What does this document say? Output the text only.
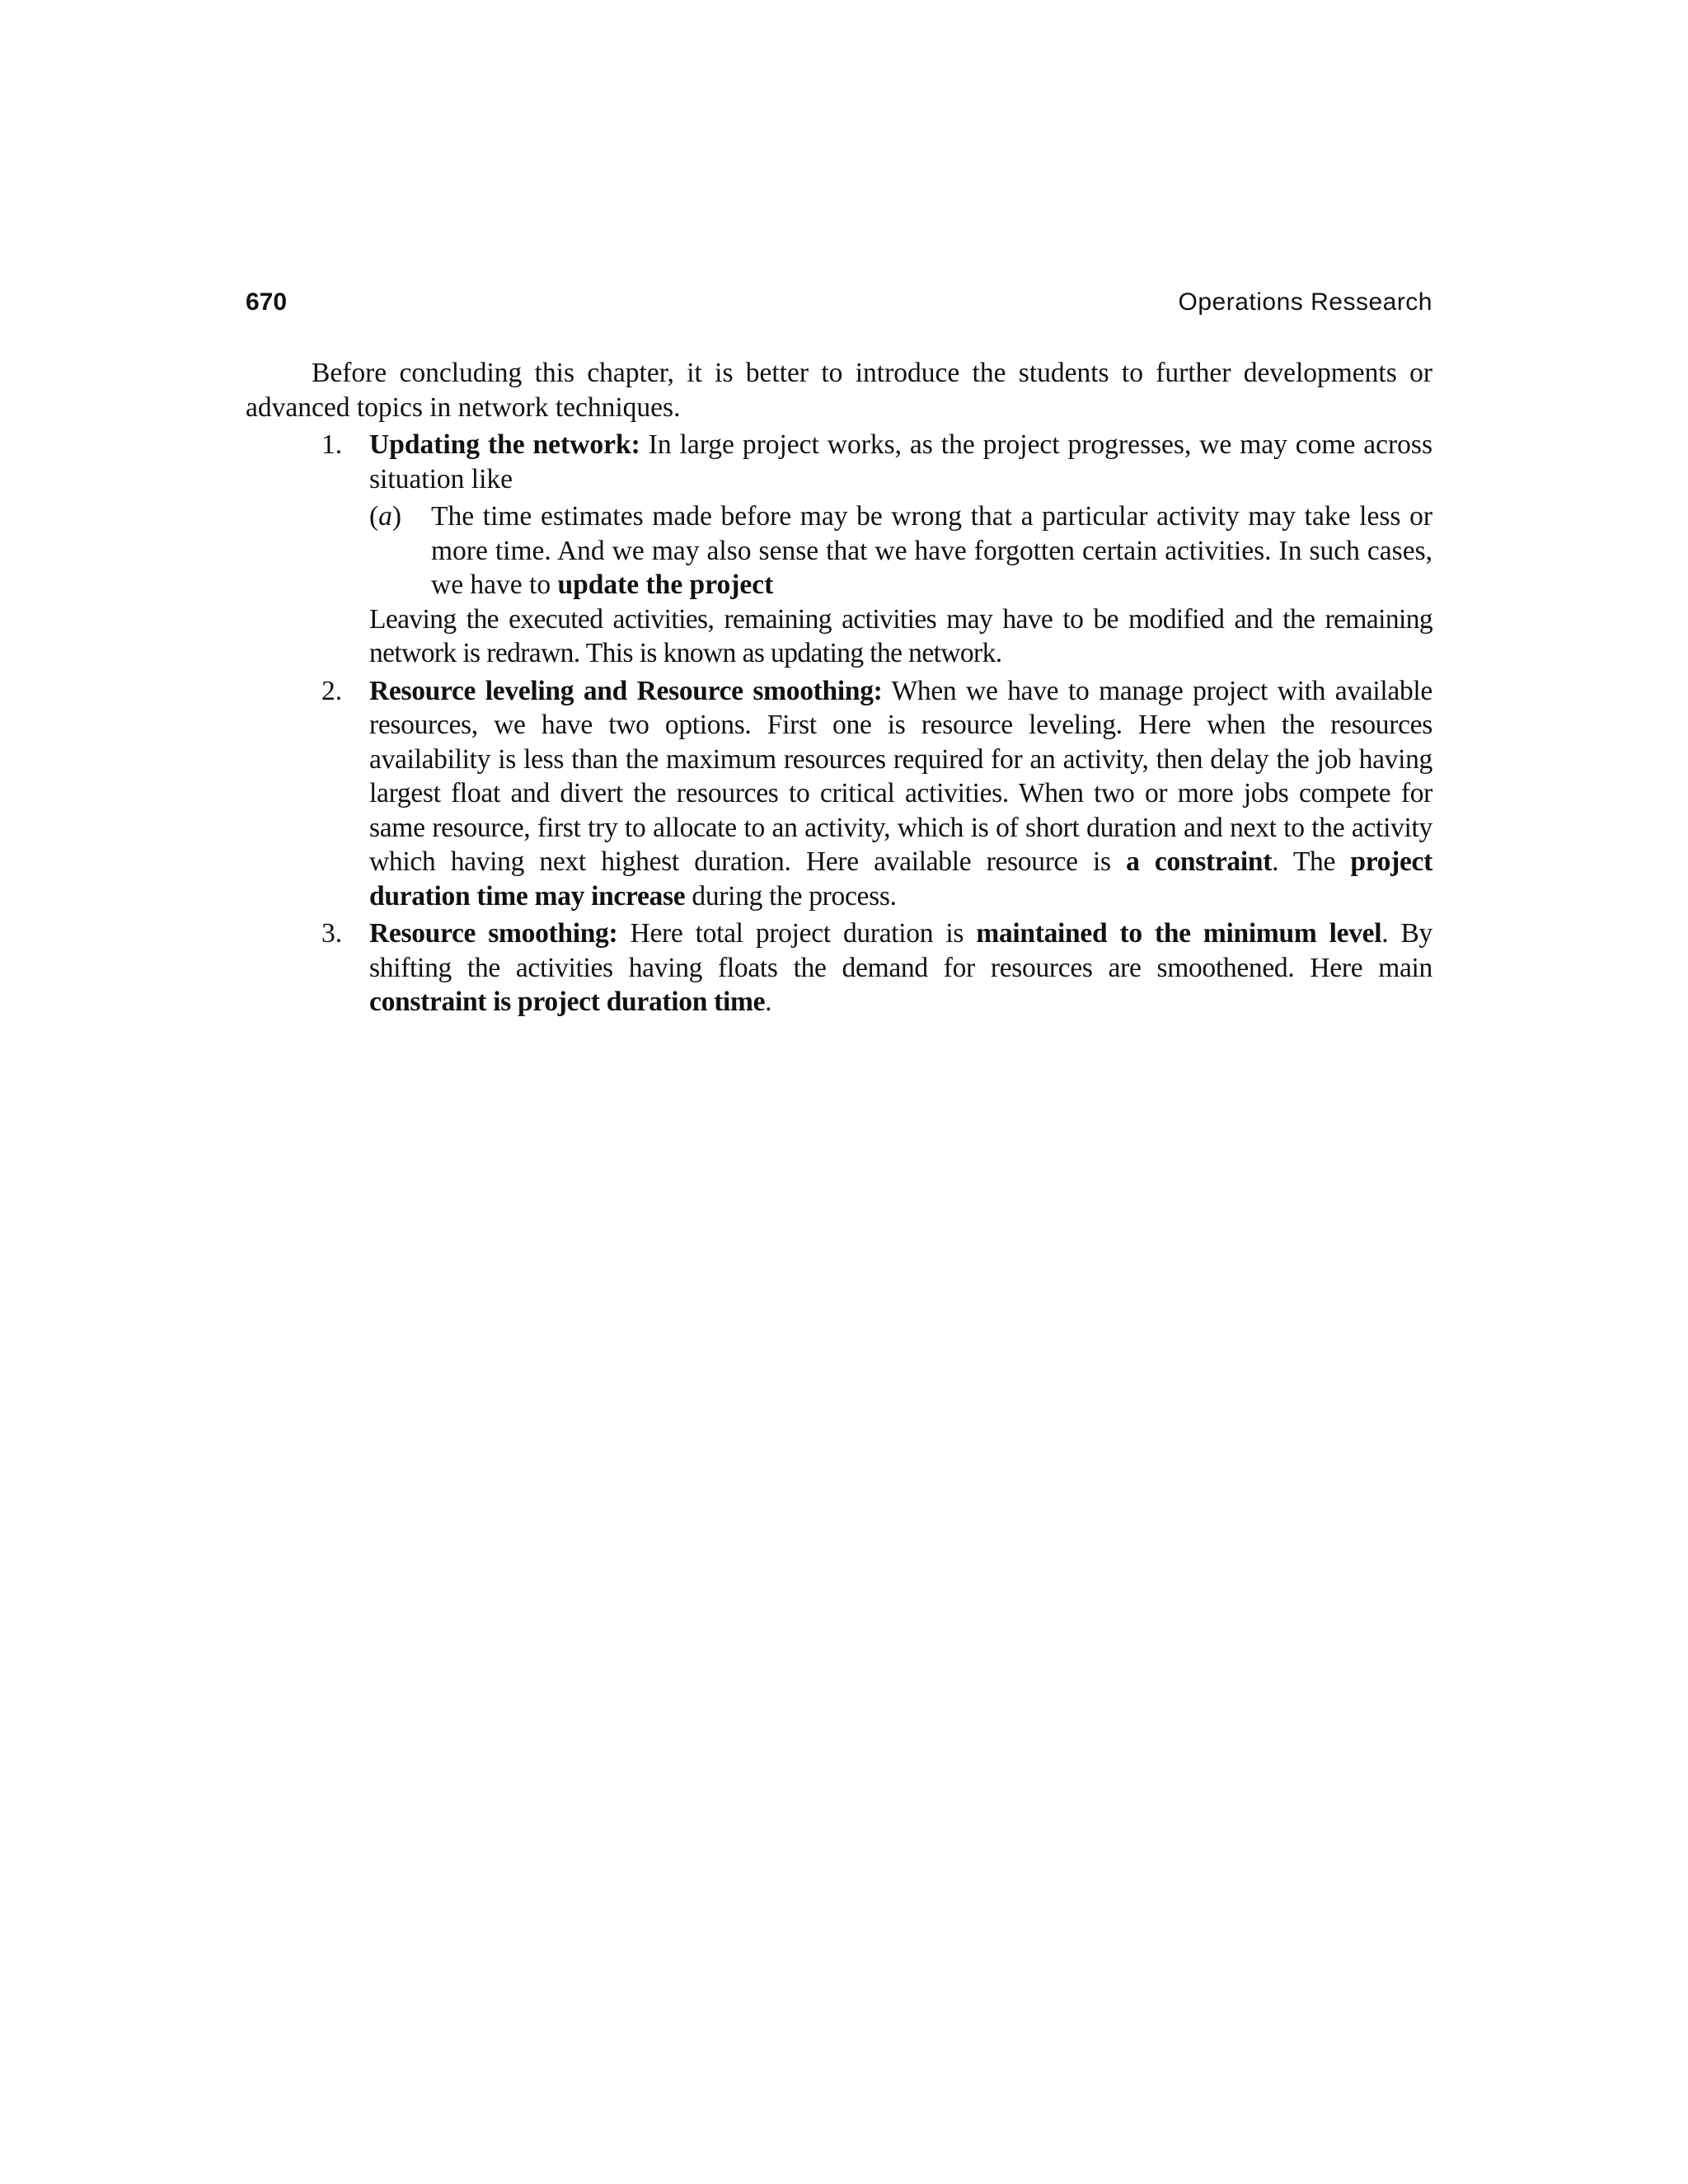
670	Operations Ressearch

Before concluding this chapter, it is better to introduce the students to further developments or advanced topics in network techniques.

1. Updating the network: In large project works, as the project progresses, we may come across situation like

(a) The time estimates made before may be wrong that a particular activity may take less or more time. And we may also sense that we have forgotten certain activities. In such cases, we have to update the project

Leaving the executed activities, remaining activities may have to be modified and the remaining network is redrawn. This is known as updating the network.

2. Resource leveling and Resource smoothing: When we have to manage project with available resources, we have two options. First one is resource leveling. Here when the resources availability is less than the maximum resources required for an activity, then delay the job having largest float and divert the resources to critical activities. When two or more jobs compete for same resource, first try to allocate to an activity, which is of short duration and next to the activity which having next highest duration. Here available resource is a constraint. The project duration time may increase during the process.

3. Resource smoothing: Here total project duration is maintained to the minimum level. By shifting the activities having floats the demand for resources are smoothened. Here main constraint is project duration time.
